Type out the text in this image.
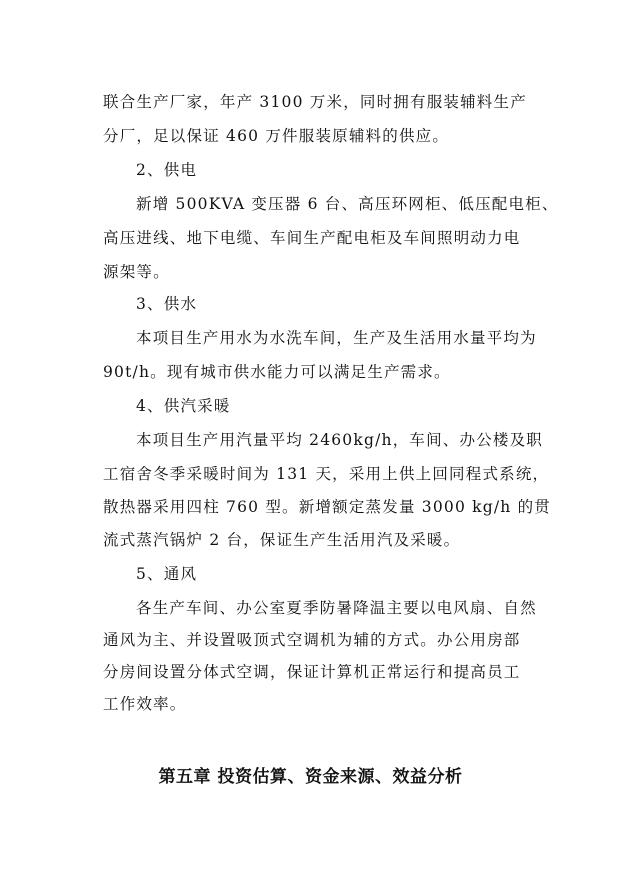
联合生产厂家，年产 3100 万米，同时拥有服装辅料生产
分厂，足以保证 460 万件服装原辅料的供应。
2、供电
新增 500KVA 变压器 6 台、高压环网柜、低压配电柜、
高压进线、地下电缆、车间生产配电柜及车间照明动力电
源架等。
3、供水
本项目生产用水为水洗车间，生产及生活用水量平均为
90t/h。现有城市供水能力可以满足生产需求。
4、供汽采暖
本项目生产用汽量平均 2460kg/h，车间、办公楼及职
工宿舍冬季采暖时间为 131 天，采用上供上回同程式系统，
散热器采用四柱 760 型。新增额定蒸发量 3000 kg/h 的贯
流式蒸汽锅炉 2 台，保证生产生活用汽及采暖。
5、通风
各生产车间、办公室夏季防暑降温主要以电风扇、自然
通风为主、并设置吸顶式空调机为辅的方式。办公用房部
分房间设置分体式空调，保证计算机正常运行和提高员工
工作效率。
第五章 投资估算、资金来源、效益分析
